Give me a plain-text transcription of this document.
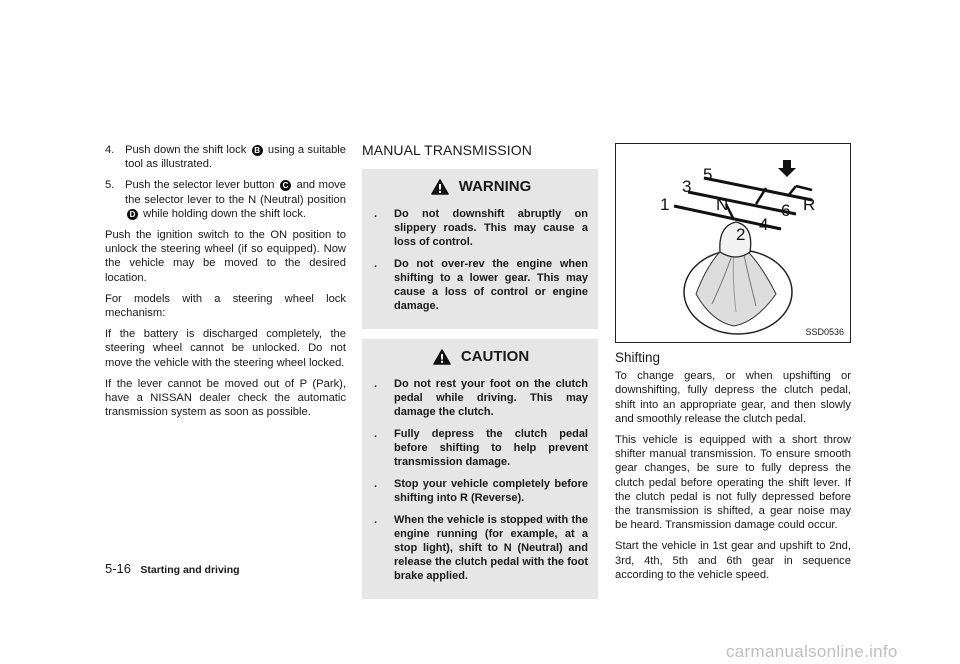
4. Push down the shift lock B using a suitable tool as illustrated.
5. Push the selector lever button C and move the selector lever to the N (Neutral) position D while holding down the shift lock.

Push the ignition switch to the ON position to unlock the steering wheel (if so equipped). Now the vehicle may be moved to the desired location.

For models with a steering wheel lock mechanism:

If the battery is discharged completely, the steering wheel cannot be unlocked. Do not move the vehicle with the steering wheel locked.

If the lever cannot be moved out of P (Park), have a NISSAN dealer check the automatic transmission system as soon as possible.

MANUAL TRANSMISSION
WARNING
.	Do not downshift abruptly on slippery roads. This may cause a loss of control.
.	Do not over-rev the engine when shifting to a lower gear. This may cause a loss of control or engine damage.
CAUTION
.	Do not rest your foot on the clutch pedal while driving. This may damage the clutch.
.	Fully depress the clutch pedal before shifting to help prevent transmission damage.
.	Stop your vehicle completely before shifting into R (Reverse).
.	When the vehicle is stopped with the engine running (for example, at a stop light), shift to N (Neutral) and release the clutch pedal with the foot brake applied.
1
3
5
N
2
4
6 R
SSD0536
Shifting

To change gears, or when upshifting or downshifting, fully depress the clutch pedal, shift into an appropriate gear, and then slowly and smoothly release the clutch pedal.

This vehicle is equipped with a short throw shifter manual transmission. To ensure smooth gear changes, be sure to fully depress the clutch pedal before operating the shift lever. If the clutch pedal is not fully depressed before the transmission is shifted, a gear noise may be heard. Transmission damage could occur.

Start the vehicle in 1st gear and upshift to 2nd, 3rd, 4th, 5th and 6th gear in sequence according to the vehicle speed.

5-16 Starting and driving
carmanualsonline.info
